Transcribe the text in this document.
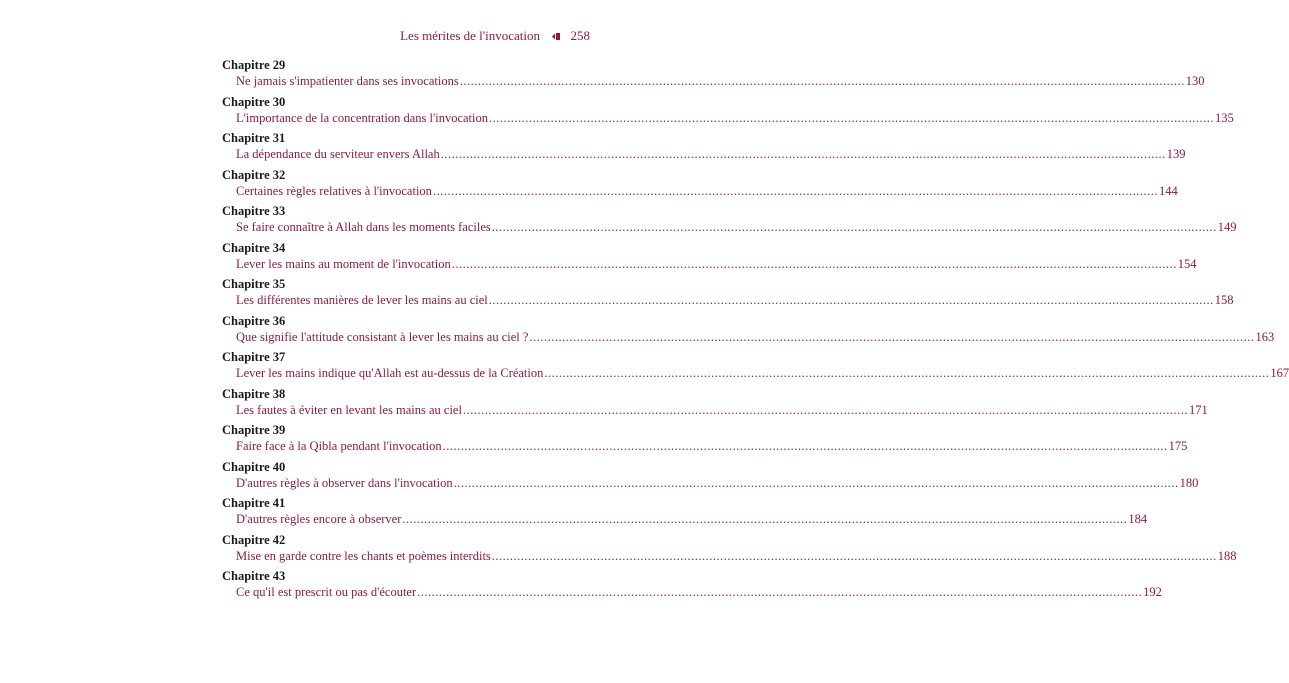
Les mérites de l'invocation 258
Chapitre 29
Ne jamais s'impatienter dans ses invocations ........................................................................................................................................................................................................ 130
Chapitre 30
L'importance de la concentration dans l'invocation ........................................................................................................................................................................................................ 135
Chapitre 31
La dépendance du serviteur envers Allah ........................................................................................................................................................................................................ 139
Chapitre 32
Certaines règles relatives à l'invocation ........................................................................................................................................................................................................ 144
Chapitre 33
Se faire connaître à Allah dans les moments faciles ........................................................................................................................................................................................................ 149
Chapitre 34
Lever les mains au moment de l'invocation ........................................................................................................................................................................................................ 154
Chapitre 35
Les différentes manières de lever les mains au ciel ........................................................................................................................................................................................................ 158
Chapitre 36
Que signifie l'attitude consistant à lever les mains au ciel ? ........................................................................................................................................................................................................ 163
Chapitre 37
Lever les mains indique qu'Allah est au-dessus de la Création ........................................................................................................................................................................................................ 167
Chapitre 38
Les fautes à éviter en levant les mains au ciel ........................................................................................................................................................................................................ 171
Chapitre 39
Faire face à la Qibla pendant l'invocation ........................................................................................................................................................................................................ 175
Chapitre 40
D'autres règles à observer dans l'invocation ........................................................................................................................................................................................................ 180
Chapitre 41
D'autres règles encore à observer ........................................................................................................................................................................................................ 184
Chapitre 42
Mise en garde contre les chants et poèmes interdits ........................................................................................................................................................................................................ 188
Chapitre 43
Ce qu'il est prescrit ou pas d'écouter ........................................................................................................................................................................................................ 192
